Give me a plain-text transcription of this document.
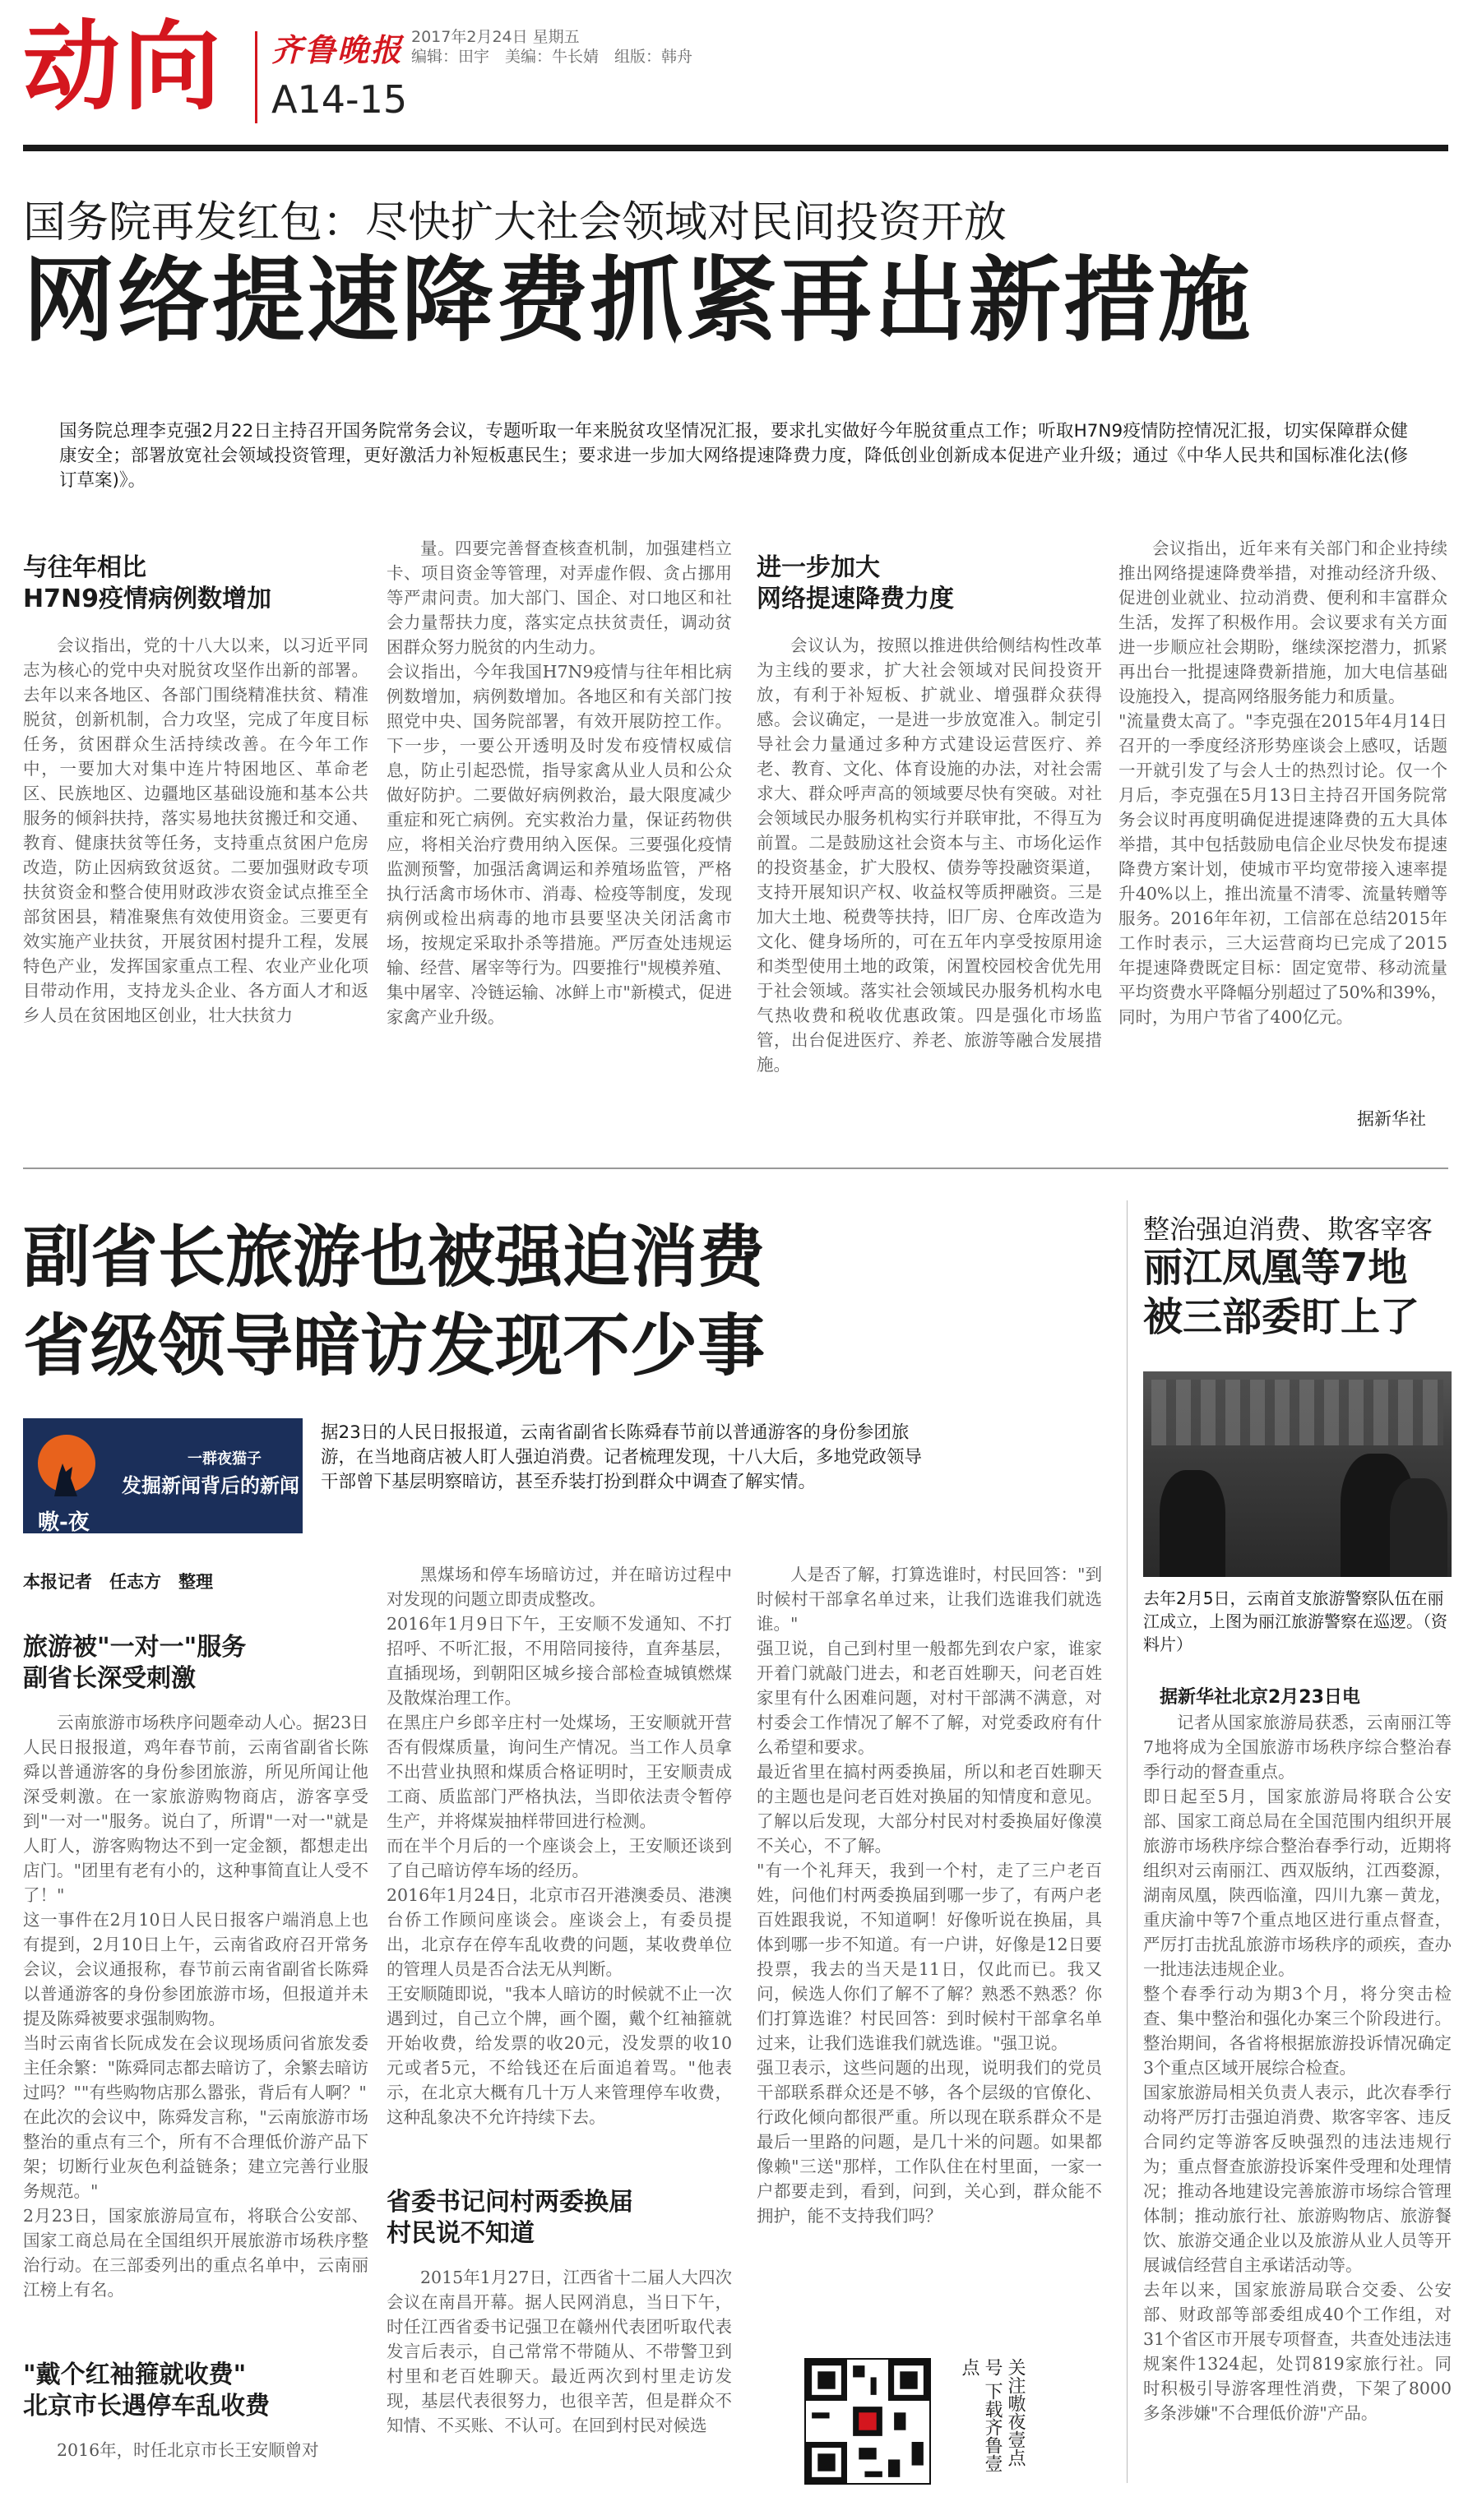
动向 齐鲁晚报 2017年2月24日 星期五
编辑：田宇　美编：牛长婧　组版：韩舟
A14-15
国务院再发红包：尽快扩大社会领域对民间投资开放
网络提速降费抓紧再出新措施
国务院总理李克强2月22日主持召开国务院常务会议，专题听取一年来脱贫攻坚情况汇报，要求扎实做好今年脱贫重点工作；听取H7N9疫情防控情况汇报，切实保障群众健康安全；部署放宽社会领域投资管理，更好激活力补短板惠民生；要求进一步加大网络提速降费力度，降低创业创新成本促进产业升级；通过《中华人民共和国标准化法(修订草案)》。
与往年相比
H7N9疫情病例数增加
会议指出，党的十八大以来，以习近平同志为核心的党中央对脱贫攻坚作出新的部署。去年以来各地区、各部门围绕精准扶贫、精准脱贫，创新机制，合力攻坚，完成了年度目标任务，贫困群众生活持续改善。在今年工作中，一要加大对集中连片特困地区、革命老区、民族地区、边疆地区基础设施和基本公共服务的倾斜扶持，落实易地扶贫搬迁和交通、教育、健康扶贫等任务，支持重点贫困户危房改造，防止因病致贫返贫。二要加强财政专项扶贫资金和整合使用财政涉农资金试点推至全部贫困县，精准聚焦有效使用资金。三要更有效实施产业扶贫，开展贫困村提升工程，发展特色产业，发挥国家重点工程、农业产业化项目带动作用，支持龙头企业、各方面人才和返乡人员在贫困地区创业，壮大扶贫力
量。四要完善督查核查机制，加强建档立卡、项目资金等管理，对弄虚作假、贪占挪用等严肃问责。加大部门、国企、对口地区和社会力量帮扶力度，落实定点扶贫责任，调动贫困群众努力脱贫的内生动力。
会议指出，今年我国H7N9疫情与往年相比病例数增加，病例数增加。各地区和有关部门按照党中央、国务院部署，有效开展防控工作。下一步，一要公开透明及时发布疫情权威信息，防止引起恐慌，指导家禽从业人员和公众做好防护。二要做好病例救治，最大限度减少重症和死亡病例。充实救治力量，保证药物供应，将相关治疗费用纳入医保。三要强化疫情监测预警，加强活禽调运和养殖场监管，严格执行活禽市场休市、消毒、检疫等制度，发现病例或检出病毒的地市县要坚决关闭活禽市场，按规定采取扑杀等措施。严厉查处违规运输、经营、屠宰等行为。四要推行"规模养殖、集中屠宰、冷链运输、冰鲜上市"新模式，促进家禽产业升级。
进一步加大
网络提速降费力度
会议认为，按照以推进供给侧结构性改革为主线的要求，扩大社会领域对民间投资开放，有利于补短板、扩就业、增强群众获得感。会议确定，一是进一步放宽准入。制定引导社会力量通过多种方式建设运营医疗、养老、教育、文化、体育设施的办法，对社会需求大、群众呼声高的领域要尽快有突破。对社会领域民办服务机构实行并联审批，不得互为前置。二是鼓励这社会资本与主、市场化运作的投资基金，扩大股权、债券等投融资渠道，支持开展知识产权、收益权等质押融资。三是加大土地、税费等扶持，旧厂房、仓库改造为文化、健身场所的，可在五年内享受按原用途和类型使用土地的政策，闲置校园校舍优先用于社会领域。落实社会领域民办服务机构水电气热收费和税收优惠政策。四是强化市场监管，出台促进医疗、养老、旅游等融合发展措施。
会议指出，近年来有关部门和企业持续推出网络提速降费举措，对推动经济升级、促进创业就业、拉动消费、便利和丰富群众生活，发挥了积极作用。会议要求有关方面进一步顺应社会期盼，继续深挖潜力，抓紧再出台一批提速降费新措施，加大电信基础设施投入，提高网络服务能力和质量。
"流量费太高了。"李克强在2015年4月14日召开的一季度经济形势座谈会上感叹，话题一开就引发了与会人士的热烈讨论。仅一个月后，李克强在5月13日主持召开国务院常务会议时再度明确促进提速降费的五大具体举措，其中包括鼓励电信企业尽快发布提速降费方案计划，使城市平均宽带接入速率提升40%以上，推出流量不清零、流量转赠等服务。2016年年初，工信部在总结2015年工作时表示，三大运营商均已完成了2015年提速降费既定目标：固定宽带、移动流量平均资费水平降幅分别超过了50%和39%，同时，为用户节省了400亿元。
据新华社
副省长旅游也被强迫消费
省级领导暗访发现不少事
一群夜猫子
发掘新闻背后的新闻
嗷-夜
据23日的人民日报报道，云南省副省长陈舜春节前以普通游客的身份参团旅游，在当地商店被人盯人强迫消费。记者梳理发现，十八大后，多地党政领导干部曾下基层明察暗访，甚至乔装打扮到群众中调查了解实情。
本报记者　任志方　整理
旅游被"一对一"服务
副省长深受刺激
云南旅游市场秩序问题牵动人心。据23日人民日报报道，鸡年春节前，云南省副省长陈舜以普通游客的身份参团旅游，所见所闻让他深受刺激。在一家旅游购物商店，游客享受到"一对一"服务。说白了，所谓"一对一"就是人盯人，游客购物达不到一定金额，都想走出店门。"团里有老有小的，这种事简直让人受不了！"
这一事件在2月10日人民日报客户端消息上也有提到，2月10日上午，云南省政府召开常务会议，会议通报称，春节前云南省副省长陈舜以普通游客的身份参团旅游市场，但报道并未提及陈舜被要求强制购物。
当时云南省长阮成发在会议现场质问省旅发委主任余繁："陈舜同志都去暗访了，余繁去暗访过吗？""有些购物店那么嚣张，背后有人啊？"
在此次的会议中，陈舜发言称，"云南旅游市场整治的重点有三个，所有不合理低价游产品下架；切断行业灰色利益链条；建立完善行业服务规范。"
2月23日，国家旅游局宣布，将联合公安部、国家工商总局在全国组织开展旅游市场秩序整治行动。在三部委列出的重点名单中，云南丽江榜上有名。
"戴个红袖箍就收费"
北京市长遇停车乱收费
2016年，时任北京市长王安顺曾对
黑煤场和停车场暗访过，并在暗访过程中对发现的问题立即责成整改。
2016年1月9日下午，王安顺不发通知、不打招呼、不听汇报，不用陪同接待，直奔基层，直插现场，到朝阳区城乡接合部检查城镇燃煤及散煤治理工作。
在黑庄户乡郎辛庄村一处煤场，王安顺就开营否有假煤质量，询问生产情况。当工作人员拿不出营业执照和煤质合格证明时，王安顺责成工商、质监部门严格执法，当即依法责令暂停生产，并将煤炭抽样带回进行检测。
而在半个月后的一个座谈会上，王安顺还谈到了自己暗访停车场的经历。
2016年1月24日，北京市召开港澳委员、港澳台侨工作顾问座谈会。座谈会上，有委员提出，北京存在停车乱收费的问题，某收费单位的管理人员是否合法无从判断。
王安顺随即说，"我本人暗访的时候就不止一次遇到过，自己立个牌，画个圈，戴个红袖箍就开始收费，给发票的收20元，没发票的收10元或者5元，不给钱还在后面追着骂。"他表示，在北京大概有几十万人来管理停车收费，这种乱象决不允许持续下去。
省委书记问村两委换届
村民说不知道
2015年1月27日，江西省十二届人大四次会议在南昌开幕。据人民网消息，当日下午，时任江西省委书记强卫在赣州代表团听取代表发言后表示，自己常常不带随从、不带警卫到村里和老百姓聊天。最近两次到村里走访发现，基层代表很努力，也很辛苦，但是群众不知情、不买账、不认可。在回到村民对候选
人是否了解，打算选谁时，村民回答："到时候村干部拿名单过来，让我们选谁我们就选谁。"
强卫说，自己到村里一般都先到农户家，谁家开着门就敲门进去，和老百姓聊天，问老百姓家里有什么困难问题，对村干部满不满意，对村委会工作情况了解不了解，对党委政府有什么希望和要求。
最近省里在搞村两委换届，所以和老百姓聊天的主题也是问老百姓对换届的知情度和意见。了解以后发现，大部分村民对村委换届好像漠不关心，不了解。
"有一个礼拜天，我到一个村，走了三户老百姓，问他们村两委换届到哪一步了，有两户老百姓跟我说，不知道啊！好像听说在换届，具体到哪一步不知道。有一户讲，好像是12日要投票，我去的当天是11日，仅此而已。我又问，候选人你们了解不了解？熟悉不熟悉？你们打算选谁？村民回答：到时候村干部拿名单过来，让我们选谁我们就选谁。"强卫说。
强卫表示，这些问题的出现，说明我们的党员干部联系群众还是不够，各个层级的官僚化、行政化倾向都很严重。所以现在联系群众不是最后一里路的问题，是几十米的问题。如果都像赖"三送"那样，工作队住在村里面，一家一户都要走到，看到，问到，关心到，群众能不拥护，能不支持我们吗？
关注嗷夜壹点号 下载齐鲁壹点
整治强迫消费、欺客宰客
丽江凤凰等7地
被三部委盯上了
去年2月5日，云南首支旅游警察队伍在丽江成立，上图为丽江旅游警察在巡逻。（资料片）
据新华社北京2月23日电
记者从国家旅游局获悉，云南丽江等7地将成为全国旅游市场秩序综合整治春季行动的督查重点。
即日起至5月，国家旅游局将联合公安部、国家工商总局在全国范围内组织开展旅游市场秩序综合整治春季行动，近期将组织对云南丽江、西双版纳，江西婺源，湖南凤凰，陕西临潼，四川九寨－黄龙，重庆渝中等7个重点地区进行重点督查，严厉打击扰乱旅游市场秩序的顽疾，查办一批违法违规企业。
整个春季行动为期3个月，将分突击检查、集中整治和强化办案三个阶段进行。整治期间，各省将根据旅游投诉情况确定3个重点区域开展综合检查。
国家旅游局相关负责人表示，此次春季行动将严厉打击强迫消费、欺客宰客、违反合同约定等游客反映强烈的违法违规行为；重点督查旅游投诉案件受理和处理情况；推动各地建设完善旅游市场综合管理体制；推动旅行社、旅游购物店、旅游餐饮、旅游交通企业以及旅游从业人员等开展诚信经营自主承诺活动等。
去年以来，国家旅游局联合交委、公安部、财政部等部委组成40个工作组，对31个省区市开展专项督查，共查处违法违规案件1324起，处罚819家旅行社。同时积极引导游客理性消费，下架了8000多条涉嫌"不合理低价游"产品。
